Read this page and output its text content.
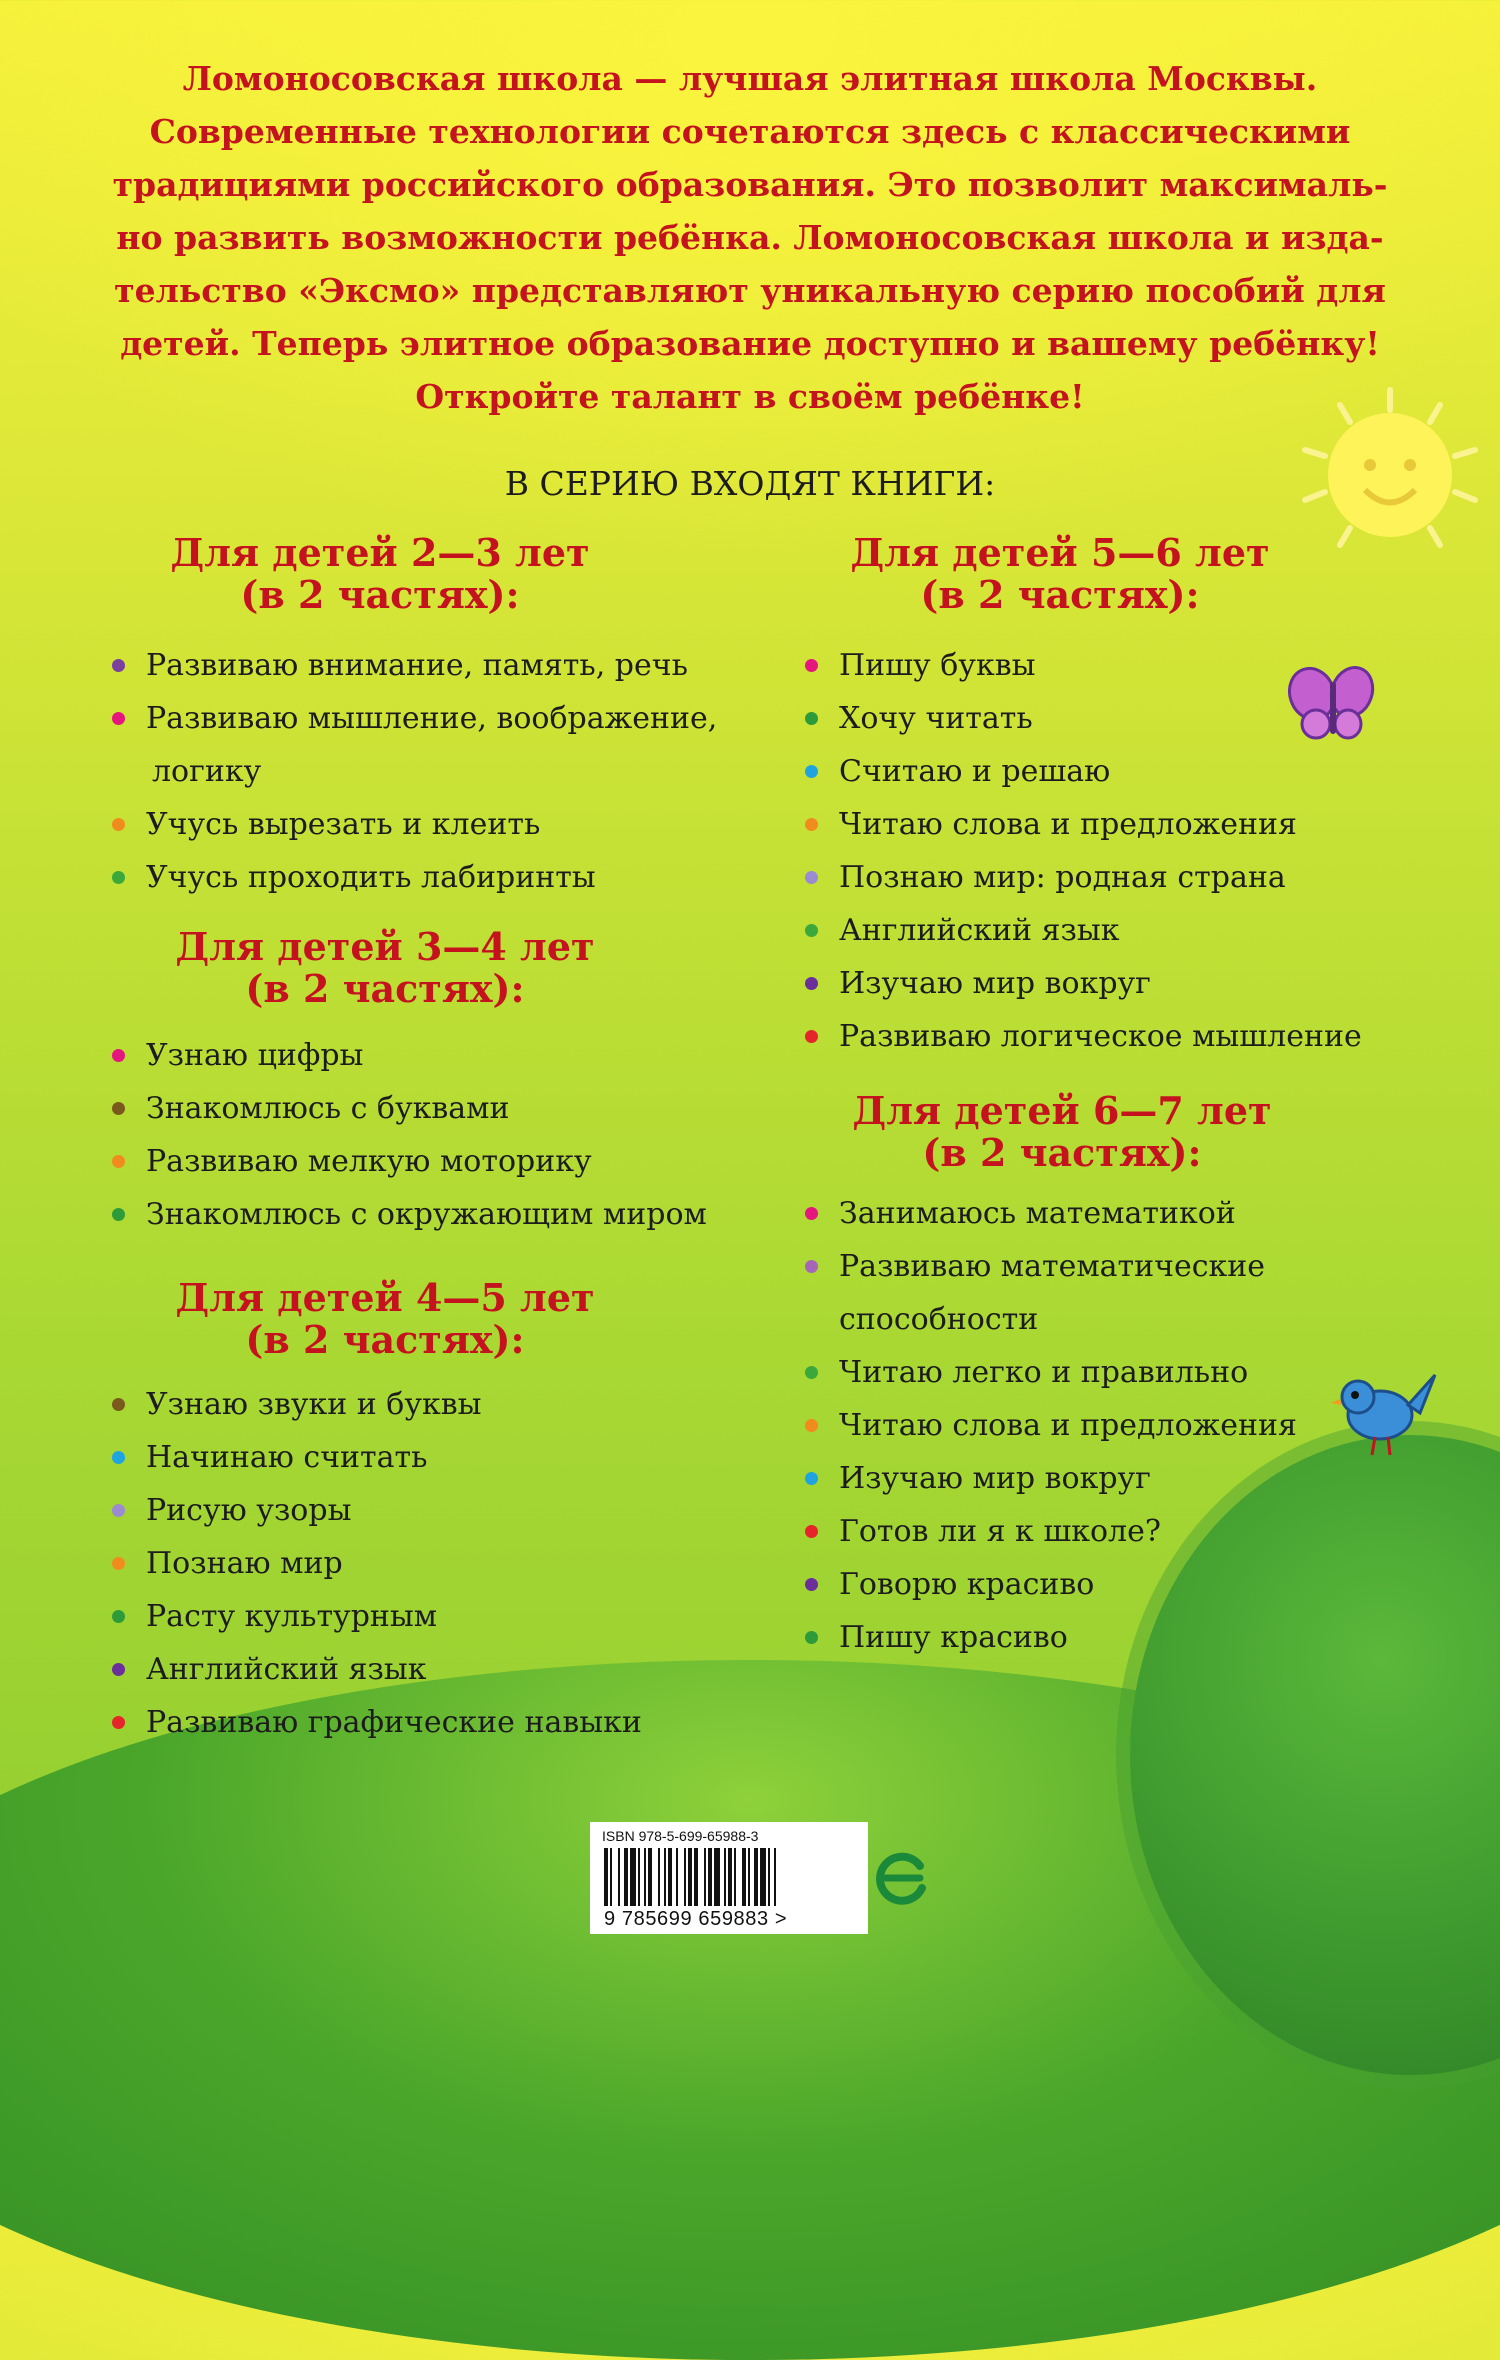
Ломоносовская школа — лучшая элитная школа Москвы.
Современные технологии сочетаются здесь с классическими
традициями российского образования. Это позволит максималь-
но развить возможности ребёнка. Ломоносовская школа и изда-
тельство «Эксмо» представляют уникальную серию пособий для
детей. Теперь элитное образование доступно и вашему ребёнку!
Откройте талант в своём ребёнке!
В СЕРИЮ ВХОДЯТ КНИГИ:
Для детей 2—3 лет
(в 2 частях):
Развиваю внимание, память, речь
Развиваю мышление, воображение,
логику
Учусь вырезать и клеить
Учусь проходить лабиринты
Для детей 3—4 лет
(в 2 частях):
Узнаю цифры
Знакомлюсь с буквами
Развиваю мелкую моторику
Знакомлюсь с окружающим миром
Для детей 4—5 лет
(в 2 частях):
Узнаю звуки и буквы
Начинаю считать
Рисую узоры
Познаю мир
Расту культурным
Английский язык
Развиваю графические навыки
Для детей 5—6 лет
(в 2 частях):
Пишу буквы
Хочу читать
Считаю и решаю
Читаю слова и предложения
Познаю мир: родная страна
Английский язык
Изучаю мир вокруг
Развиваю логическое мышление
Для детей 6—7 лет
(в 2 частях):
Занимаюсь математикой
Развиваю математические
способности
Читаю легко и правильно
Читаю слова и предложения
Изучаю мир вокруг
Готов ли я к школе?
Говорю красиво
Пишу красиво
ISBN 978-5-699-65988-3
9 785699 659883 >
